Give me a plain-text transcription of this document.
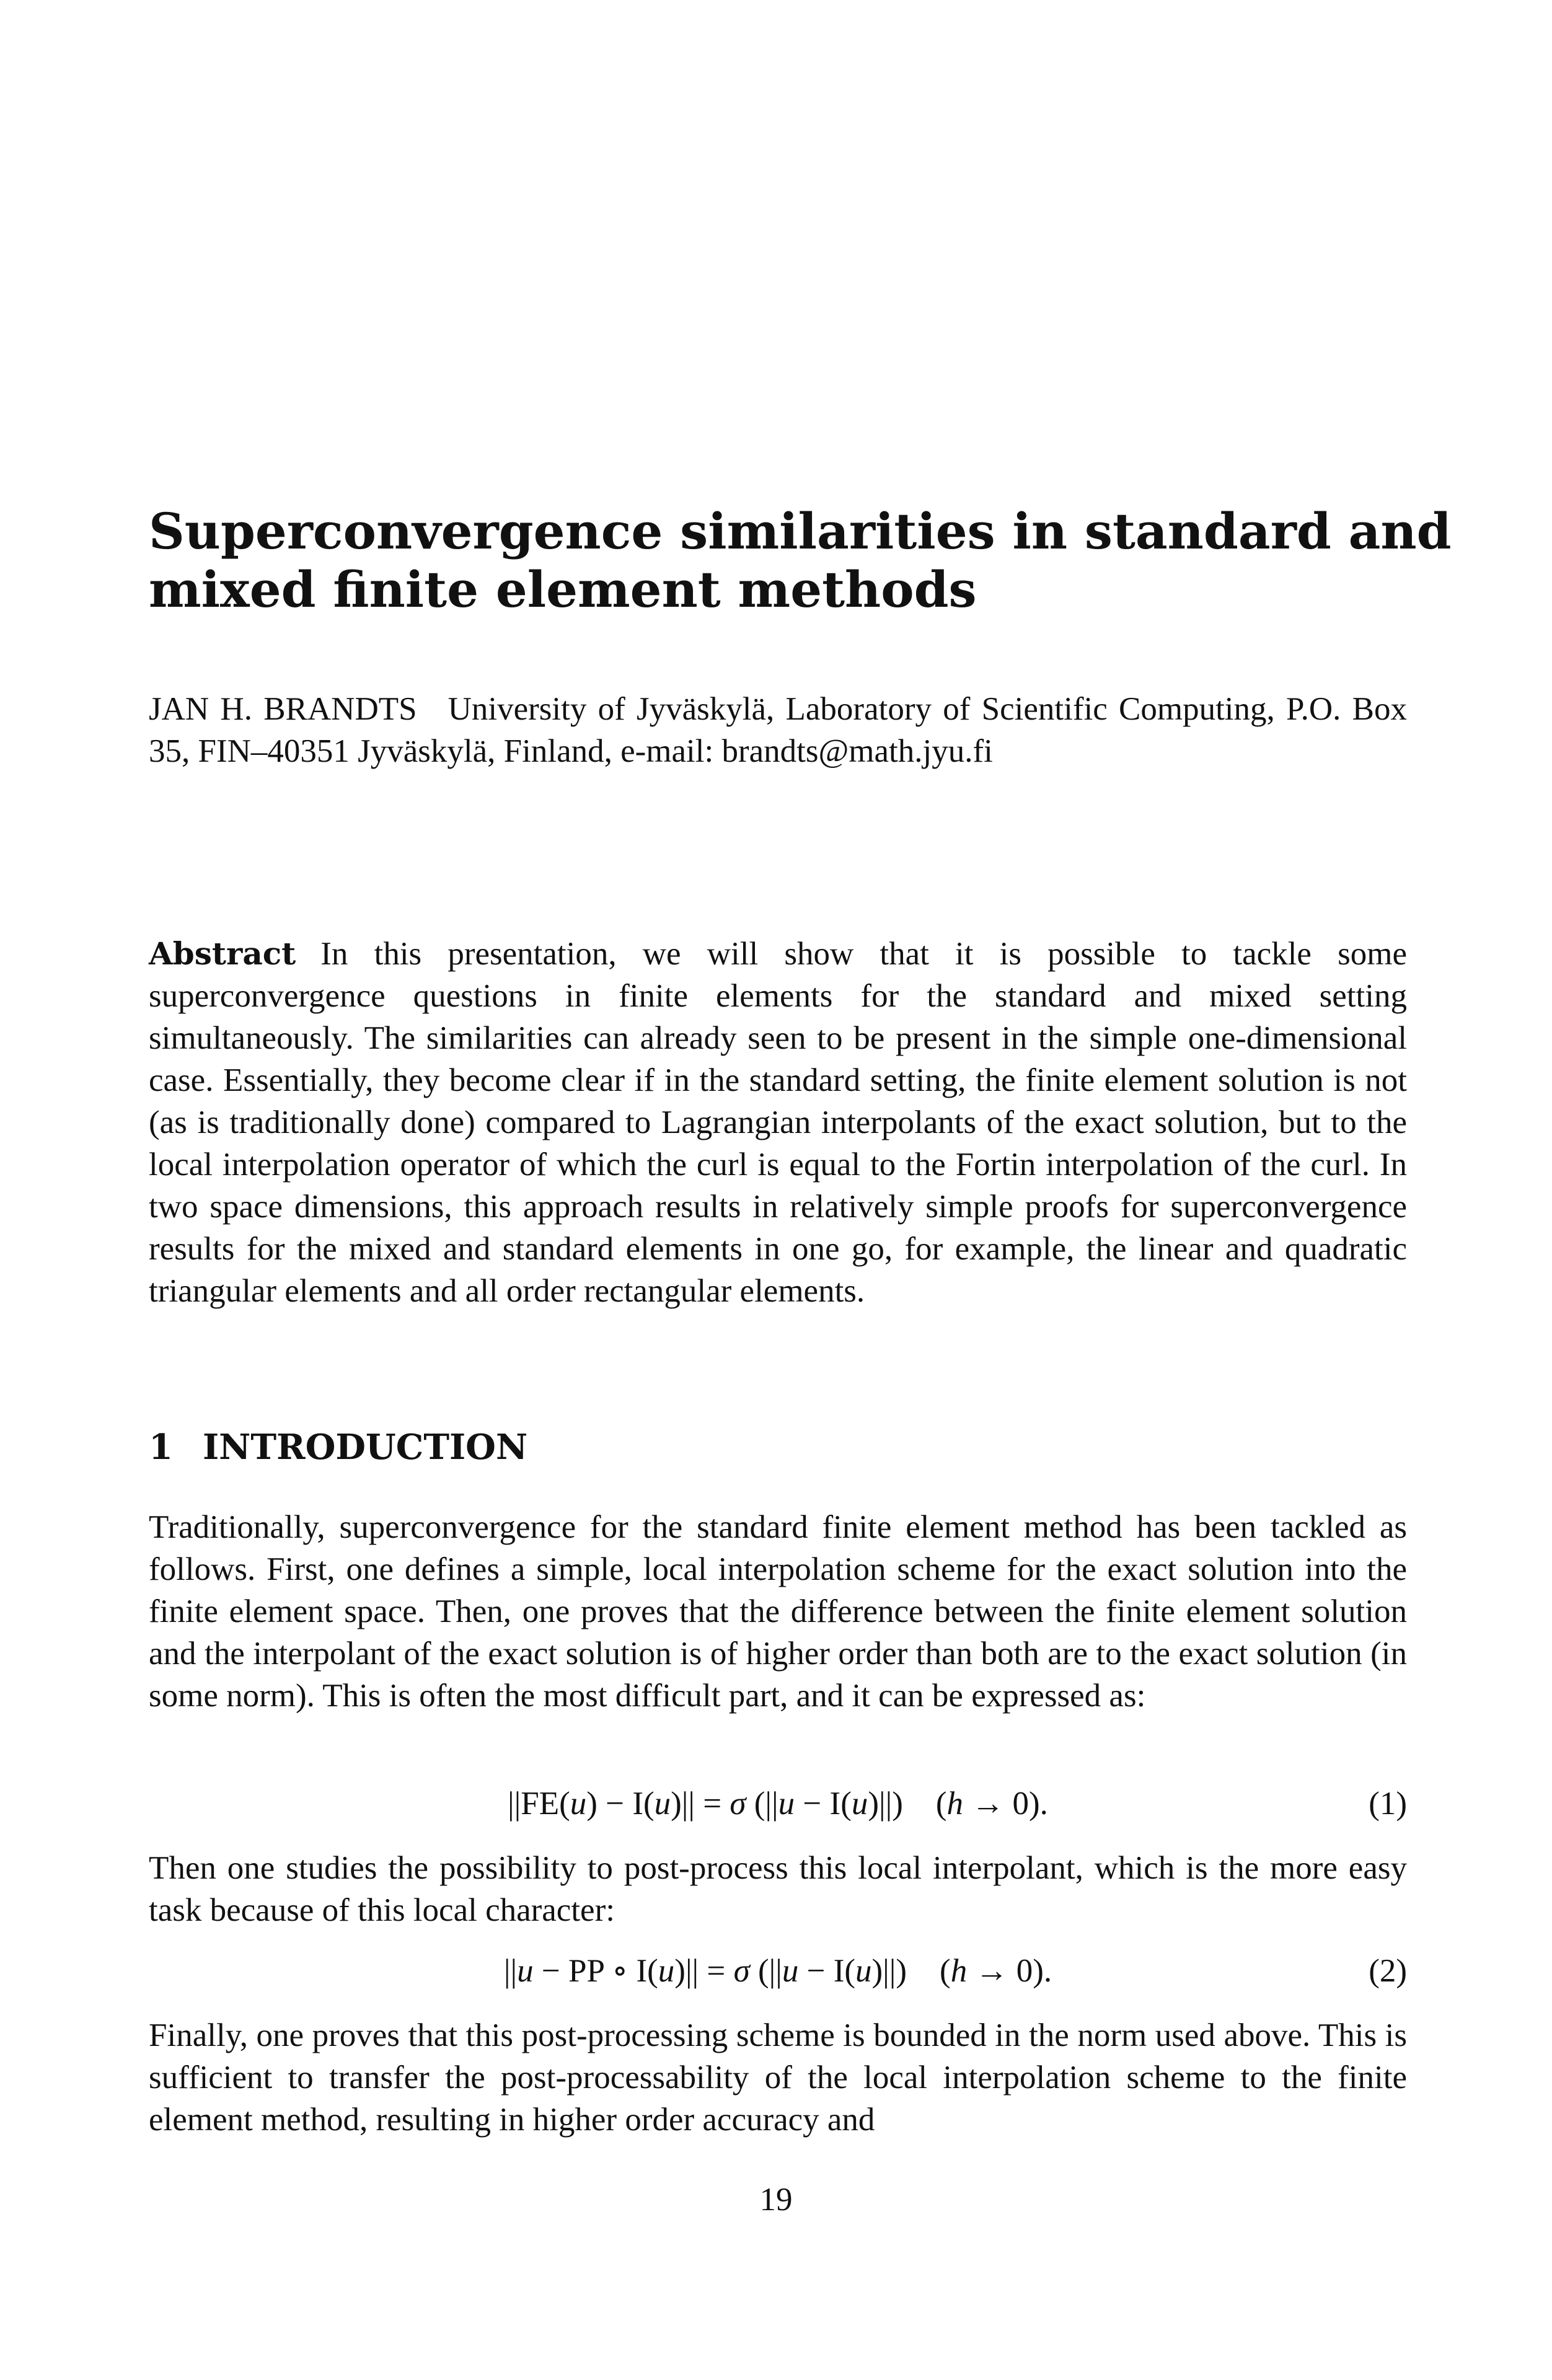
Superconvergence similarities in standard and
mixed finite element methods

JAN H. BRANDTS University of Jyväskylä, Laboratory of Scientific Computing, P.O. Box 35, FIN–40351 Jyväskylä, Finland, e-mail: brandts@math.jyu.fi

Abstract In this presentation, we will show that it is possible to tackle some superconvergence questions in finite elements for the standard and mixed setting simultaneously. The similarities can already seen to be present in the simple one-dimensional case. Essentially, they become clear if in the standard setting, the finite element solution is not (as is traditionally done) compared to Lagrangian interpolants of the exact solution, but to the local interpolation operator of which the curl is equal to the Fortin interpolation of the curl. In two space dimensions, this approach results in relatively simple proofs for superconvergence results for the mixed and standard elements in one go, for example, the linear and quadratic triangular elements and all order rectangular elements.

1 INTRODUCTION

Traditionally, superconvergence for the standard finite element method has been tackled as follows. First, one defines a simple, local interpolation scheme for the exact solution into the finite element space. Then, one proves that the difference between the finite element solution and the interpolant of the exact solution is of higher order than both are to the exact solution (in some norm). This is often the most difficult part, and it can be expressed as:

||FE(u) − I(u)|| = σ (||u − I(u)||)    (h → 0).	(1)

Then one studies the possibility to post-process this local interpolant, which is the more easy task because of this local character:

||u − PP ∘ I(u)|| = σ (||u − I(u)||)    (h → 0).	(2)

Finally, one proves that this post-processing scheme is bounded in the norm used above. This is sufficient to transfer the post-processability of the local interpolation scheme to the finite element method, resulting in higher order accuracy and

19
